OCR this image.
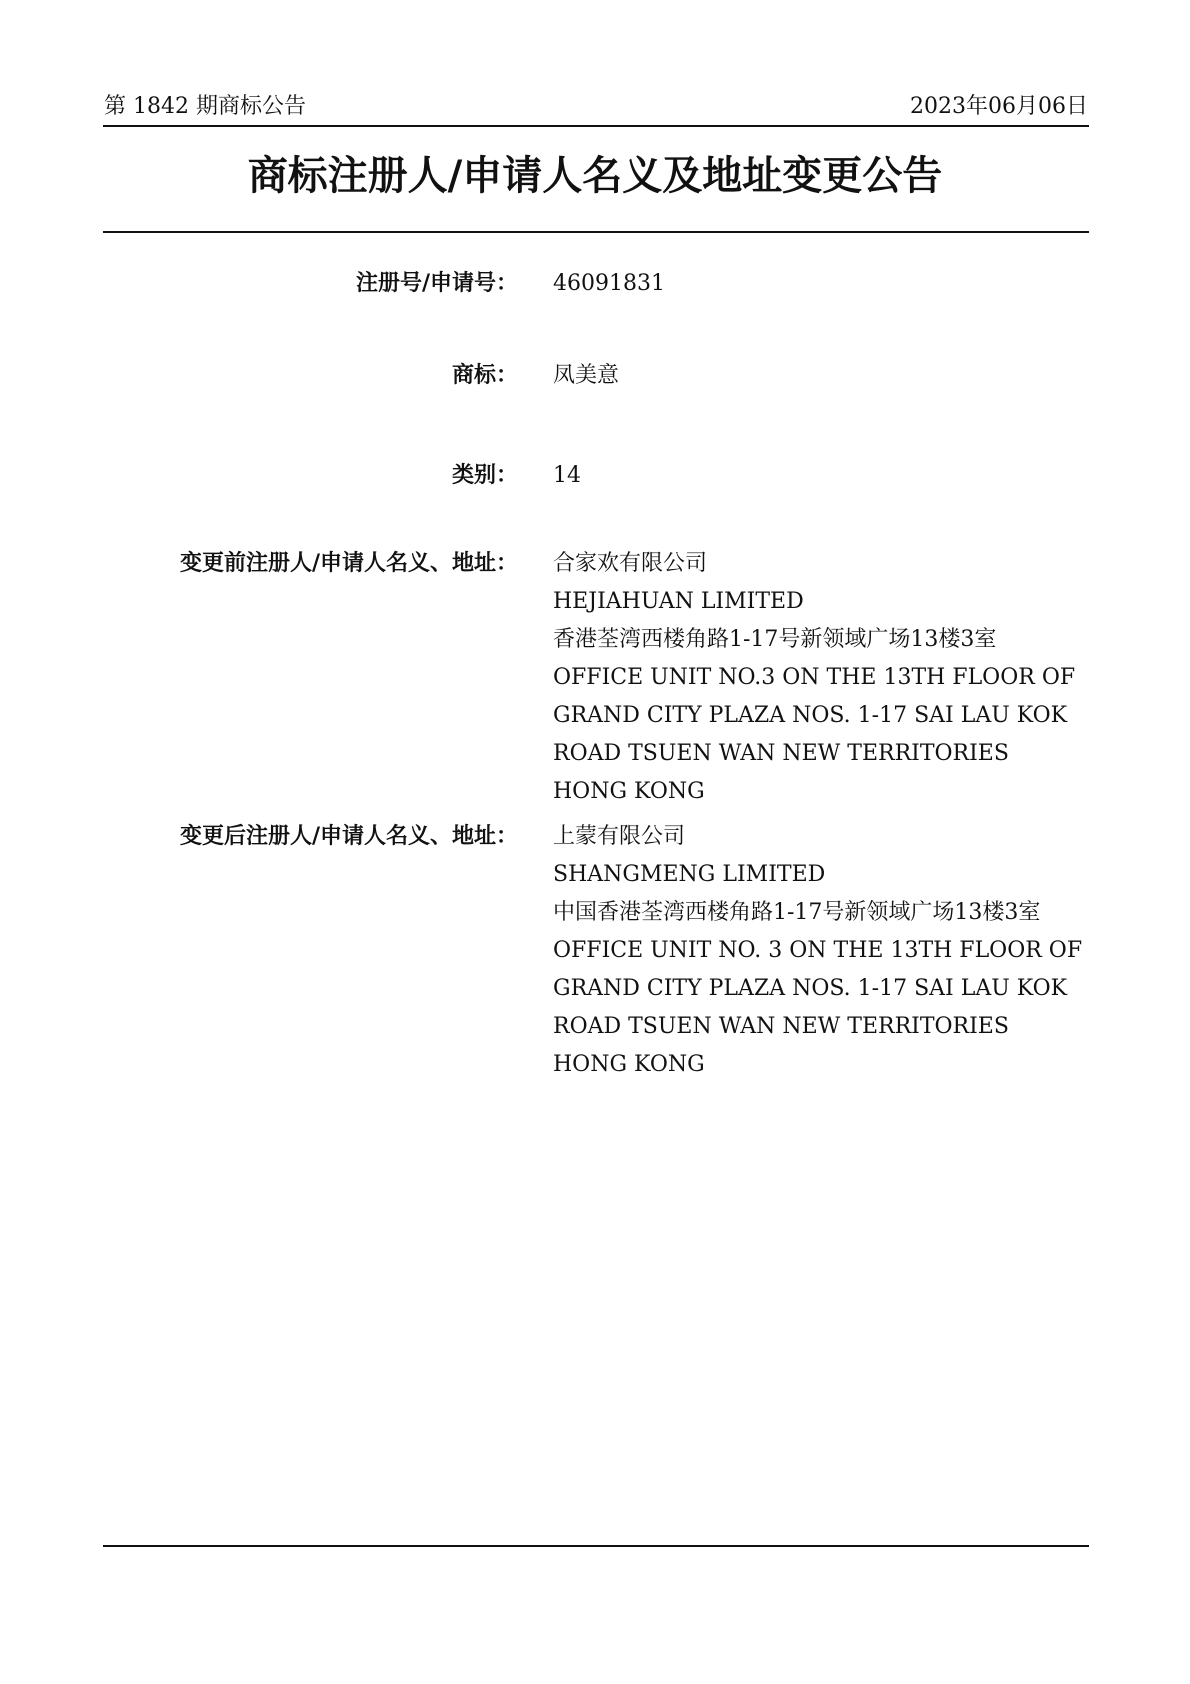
第 1842 期商标公告	2023年06月06日
商标注册人/申请人名义及地址变更公告
注册号/申请号： 46091831
商标： 凤美意
类别： 14
变更前注册人/申请人名义、地址： 合家欢有限公司
HEJIAHUAN LIMITED
香港荃湾西楼角路1-17号新领域广场13楼3室
OFFICE UNIT NO.3 ON THE 13TH FLOOR OF
GRAND CITY PLAZA NOS. 1-17 SAI LAU KOK
ROAD TSUEN WAN NEW TERRITORIES
HONG KONG
变更后注册人/申请人名义、地址： 上蒙有限公司
SHANGMENG LIMITED
中国香港荃湾西楼角路1-17号新领域广场13楼3室
OFFICE UNIT NO. 3 ON THE 13TH FLOOR OF
GRAND CITY PLAZA NOS. 1-17 SAI LAU KOK
ROAD TSUEN WAN NEW TERRITORIES
HONG KONG
